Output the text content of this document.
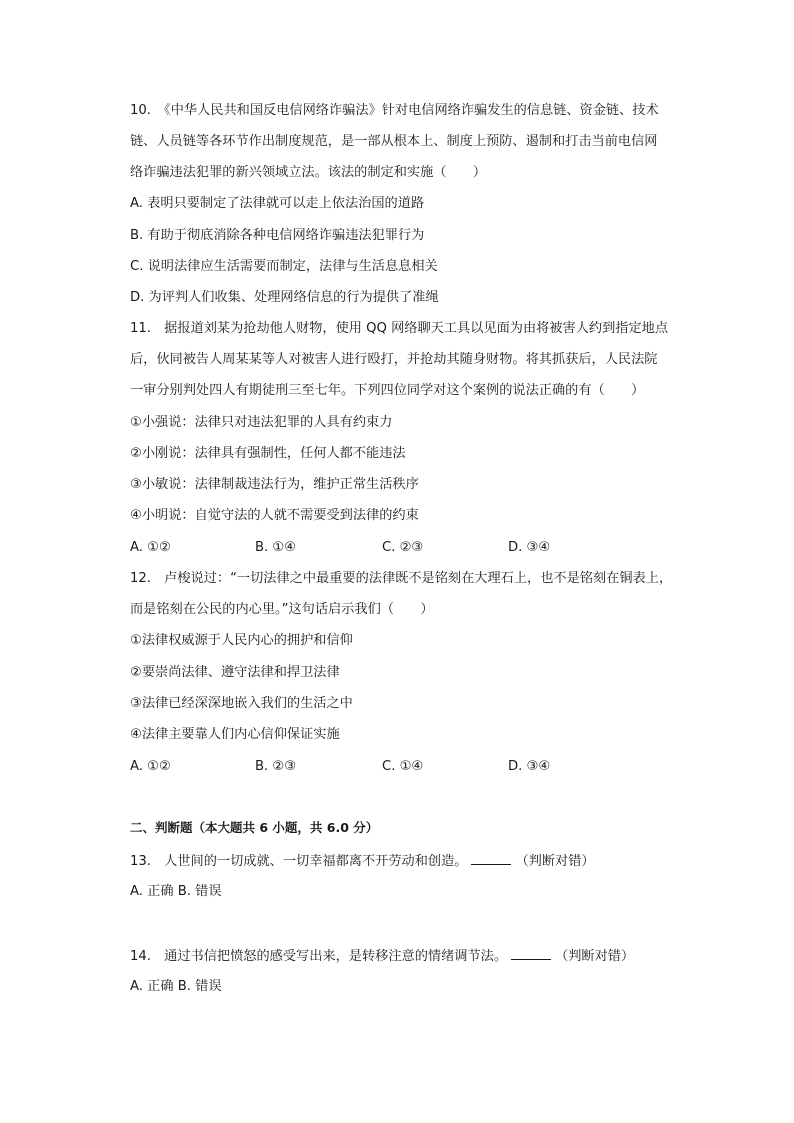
10.　《中华人民共和国反电信网络诈骗法》针对电信网络诈骗发生的信息链、资金链、技术
链、人员链等各环节作出制度规范，是一部从根本上、制度上预防、遏制和打击当前电信网
络诈骗违法犯罪的新兴领域立法。该法的制定和实施（　　）
A. 表明只要制定了法律就可以走上依法治国的道路
B. 有助于彻底消除各种电信网络诈骗违法犯罪行为
C. 说明法律应生活需要而制定，法律与生活息息相关
D. 为评判人们收集、处理网络信息的行为提供了准绳
11.　据报道刘某为抢劫他人财物，使用 QQ 网络聊天工具以见面为由将被害人约到指定地点
后，伙同被告人周某某等人对被害人进行殴打，并抢劫其随身财物。将其抓获后，人民法院
一审分别判处四人有期徒刑三至七年。下列四位同学对这个案例的说法正确的有（　　）
①小强说：法律只对违法犯罪的人具有约束力
②小刚说：法律具有强制性，任何人都不能违法
③小敏说：法律制裁违法行为，维护正常生活秩序
④小明说：自觉守法的人就不需要受到法律的约束
A. ①②	B. ①④	C. ②③	D. ③④
12.　卢梭说过：“一切法律之中最重要的法律既不是铭刻在大理石上，也不是铭刻在铜表上，
而是铭刻在公民的内心里。”这句话启示我们（　　）
①法律权威源于人民内心的拥护和信仰
②要崇尚法律、遵守法律和捍卫法律
③法律已经深深地嵌入我们的生活之中
④法律主要靠人们内心信仰保证实施
A. ①②	B. ②③	C. ①④	D. ③④
二、判断题（本大题共 6 小题，共 6.0 分）
13.　人世间的一切成就、一切幸福都离不开劳动和创造。	（判断对错）
A. 正确 B. 错误
14.　通过书信把愤怒的感受写出来，是转移注意的情绪调节法。	（判断对错）
A. 正确 B. 错误
